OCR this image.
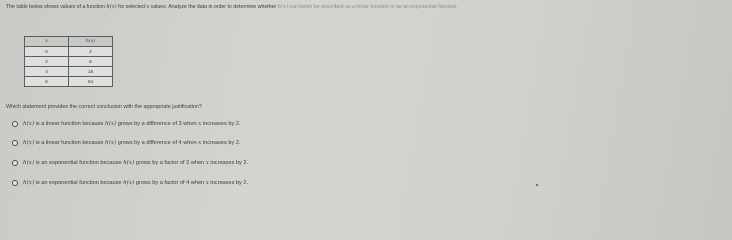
The table below shows values of a function h(x) for selected x values. Analyze the data in order to determine whether h(x) can better be described as a linear function or as an exponential function.
x	h(x)
0	2
2	6
4	18
6	54
Which statement provides the correct conclusion with the appropriate justification?
h(x) is a linear function because h(x) grows by a difference of 3 when x increases by 2.
h(x) is a linear function because h(x) grows by a difference of 4 when x increases by 2.
h(x) is an exponential function because h(x) grows by a factor of 3 when x increases by 2.
h(x) is an exponential function because h(x) grows by a factor of 4 when x increases by 2.
